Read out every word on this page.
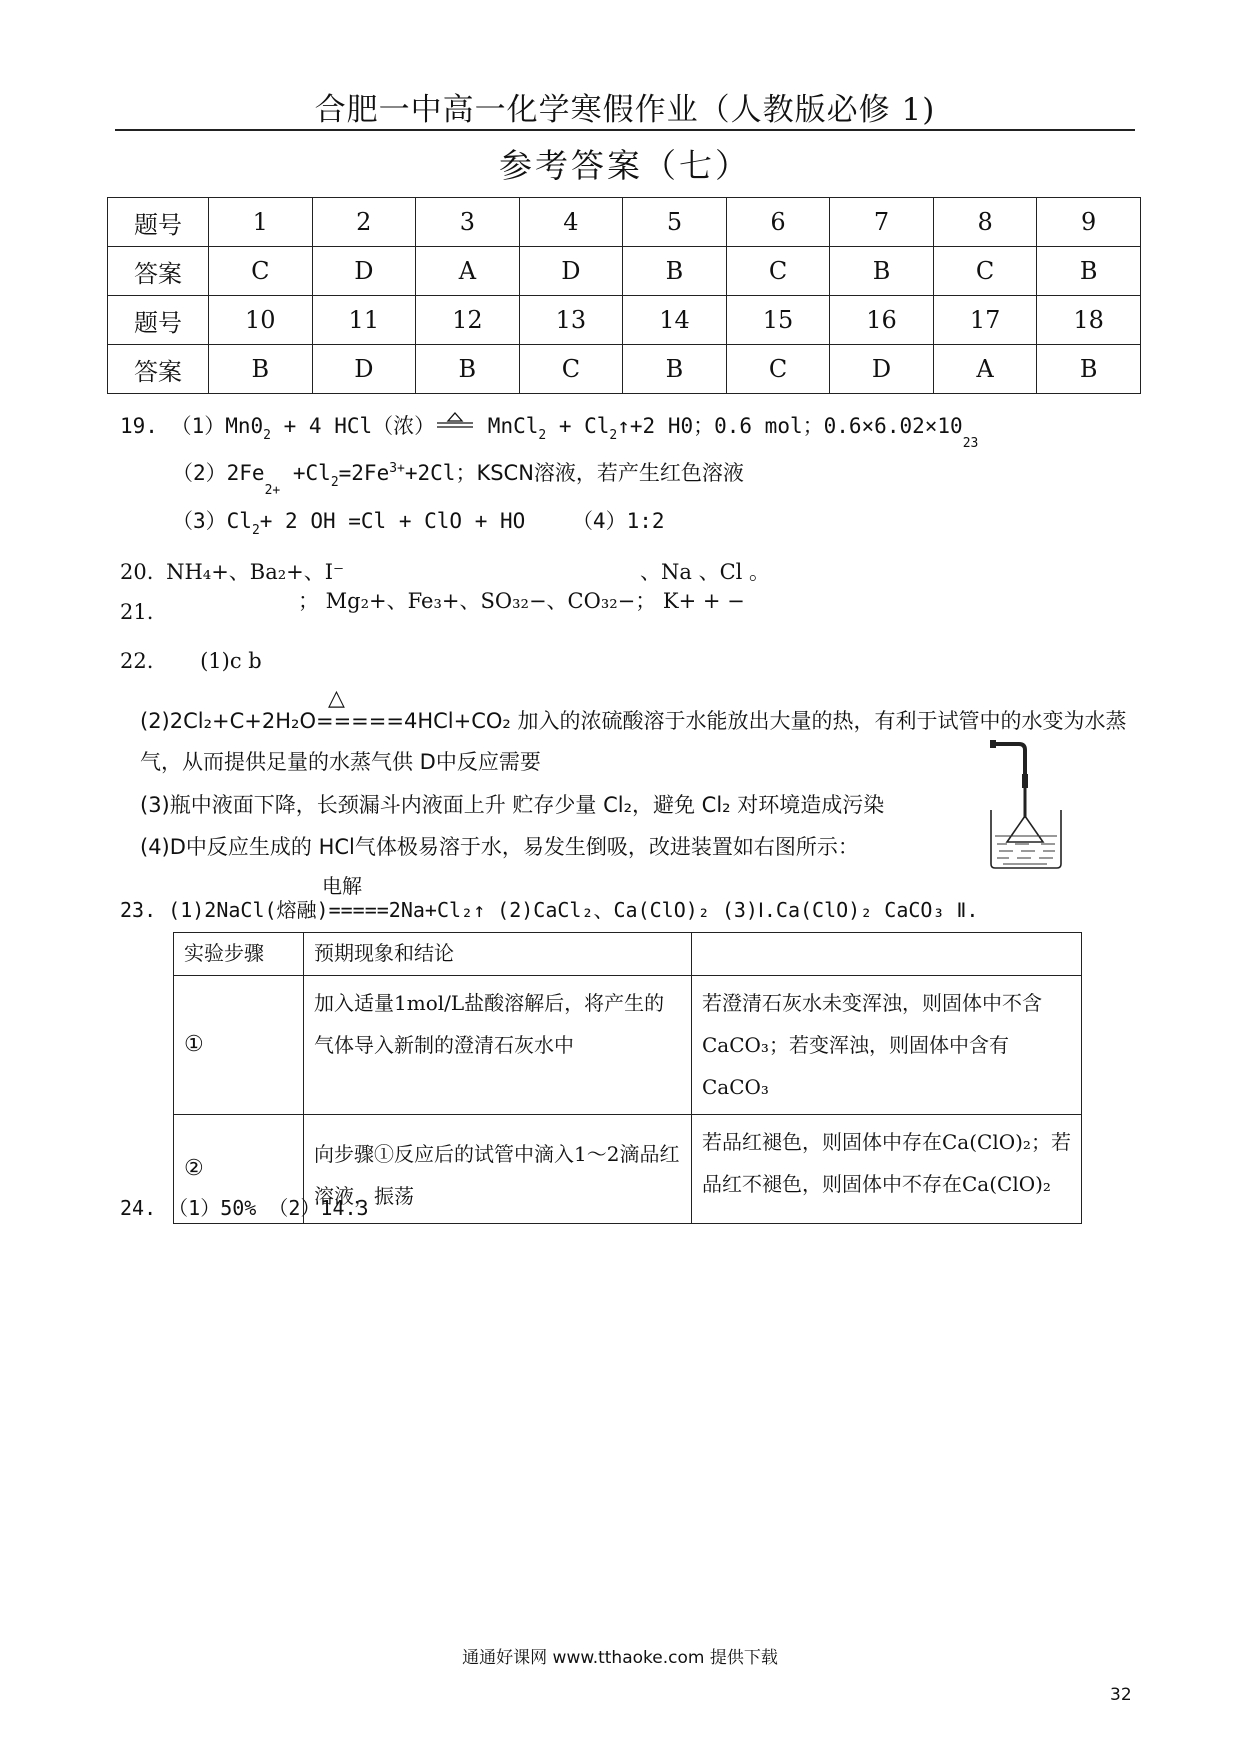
合肥一中高一化学寒假作业（人教版必修 1)
参考答案（七）
题号	1	2	3	4	5	6	7	8	9
答案	C	D	A	D	B	C	B	C	B
题号	10	11	12	13	14	15	16	17	18
答案	B	D	B	C	B	C	D	A	B
19. $(1)Mn0_2 + 4$ HCl（浓） MnCl$_2$ + $Cl_2↑+2$ H0；0.6 mol；$0.6\times 6.02\times 10_{23}$
$(2)2Fe_{2+} +Cl_2=2Fe^{3+}+2Cl$；KSCN溶液，若产生红色溶液
$(3)Cl_2+ 2$ OH =Cl + ClO + HO （4）1:2
20. NH₄+、Ba₂+、I⁻	、Na 、Cl 。
； Mg₂+、Fe₃+、SO₃₂−、CO₃₂−； K+ + −
21.
22. (1)c b
△
(2)2Cl₂+C+2H₂O=====4HCl+CO₂ 加入的浓硫酸溶于水能放出大量的热，有利于试管中的水变为水蒸
气，从而提供足量的水蒸气供 D中反应需要
(3)瓶中液面下降，长颈漏斗内液面上升 贮存少量 Cl₂，避免 Cl₂ 对环境造成污染
(4)D中反应生成的 HCl气体极易溶于水，易发生倒吸，改进装置如右图所示：
电解
23. (1)2NaCl(熔融)=====2Na+Cl₂↑ (2)CaCl₂、Ca(ClO)₂ (3)Ⅰ.Ca(ClO)₂ CaCO₃ Ⅱ.
实验步骤	预期现象和结论	
①	加入适量1mol/L盐酸溶解后，将产生的气体导入新制的澄清石灰水中	若澄清石灰水未变浑浊，则固体中不含CaCO₃；若变浑浊，则固体中含有CaCO₃
②	向步骤①反应后的试管中滴入1～2滴品红溶液，振荡	若品红褪色，则固体中存在Ca(ClO)₂；若品红不褪色，则固体中不存在Ca(ClO)₂
24. （1）50% （2）14.3
通通好课网 www.tthaoke.com 提供下载
32
